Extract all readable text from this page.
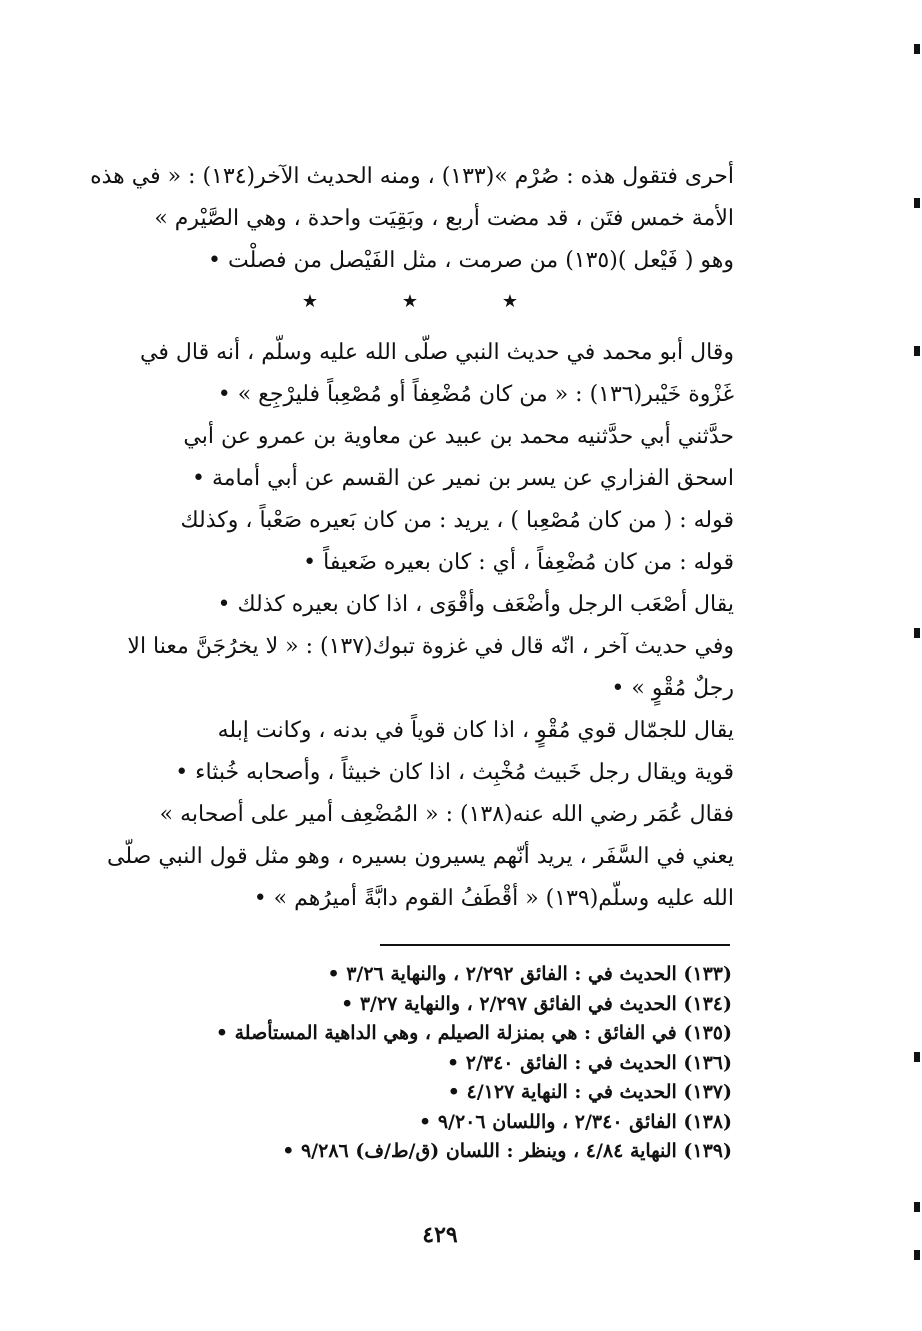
أحرى فتقول هذه : صُرْم »(١٣٣) ، ومنه الحديث الآخر(١٣٤) : « في هذه
الأمة خمس فتَن ، قد مضت أربع ، وبَقِيَت واحدة ، وهي الصَّيْرم »
وهو ( فَيْعل )(١٣٥) من صرمت ، مثل الفَيْصل من فصلْت •
★	★	★
وقال أبو محمد في حديث النبي صلّى الله عليه وسلّم ، أنه قال في
غَزْوة خَيْبر(١٣٦) : « من كان مُضْعِفاً أو مُصْعِباً فليرْجِع » •
حدَّثني أبي حدَّثنيه محمد بن عبيد عن معاوية بن عمرو عن أبي
اسحق الفزاري عن يسر بن نمير عن القسم عن أبي أمامة •
قوله : ( من كان مُصْعِبا ) ، يريد : من كان بَعيره صَعْباً ، وكذلك
قوله : من كان مُضْعِفاً ، أي : كان بعيره ضَعيفاً •
يقال أصْعَب الرجل وأضْعَف وأقْوَى ، اذا كان بعيره كذلك •
وفي حديث آخر ، انّه قال في غزوة تبوك(١٣٧) : « لا يخرُجَنَّ معنا الا
رجلٌ مُقْوٍ » •
يقال للجمّال قوي مُقْوٍ ، اذا كان قوياً في بدنه ، وكانت إبله
قوية ويقال رجل خَبيث مُخْبِث ، اذا كان خبيثاً ، وأصحابه خُبثاء •
فقال عُمَر رضي الله عنه(١٣٨) : « المُضْعِف أمير على أصحابه »
يعني في السَّفَر ، يريد أنّهم يسيرون بسيره ، وهو مثل قول النبي صلّى
الله عليه وسلّم(١٣٩) « أقْطَفُ القوم دابَّةً أميرُهم » •
(١٣٣) الحديث في : الفائق ٢/٢٩٢ ، والنهاية ٣/٢٦ •
(١٣٤) الحديث في الفائق ٢/٢٩٧ ، والنهاية ٣/٢٧ •
(١٣٥) في الفائق : هي بمنزلة الصيلم ، وهي الداهية المستأصلة •
(١٣٦) الحديث في : الفائق ٢/٣٤٠ •
(١٣٧) الحديث في : النهاية ٤/١٢٧ •
(١٣٨) الفائق ٢/٣٤٠ ، واللسان ٩/٢٠٦ •
(١٣٩) النهاية ٤/٨٤ ، وينظر : اللسان (ق/ط/ف) ٩/٢٨٦ •
٤٢٩
